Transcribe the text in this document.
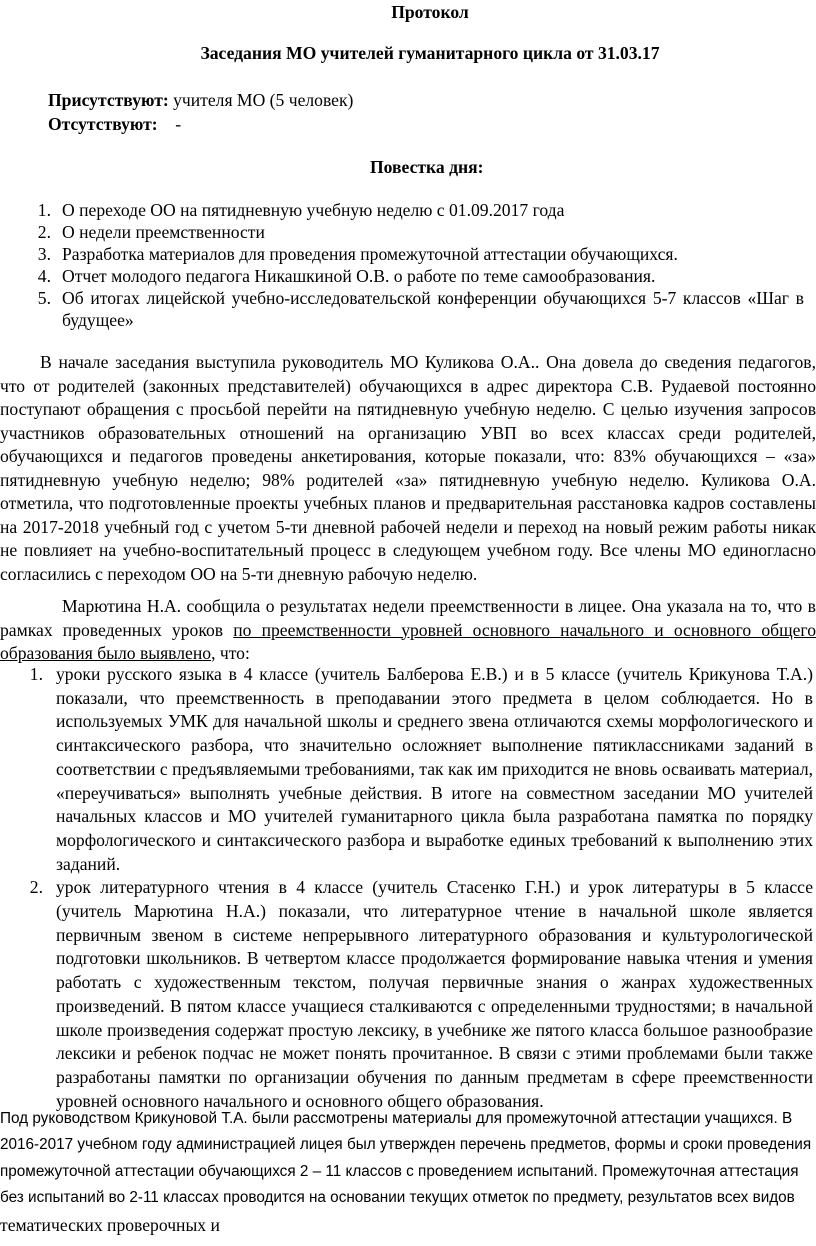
Протокол
Заседания МО учителей гуманитарного цикла от 31.03.17
Присутствуют: учителя МО (5 человек)
Отсутствуют:    -
Повестка дня:
1. О переходе ОО на пятидневную учебную неделю с 01.09.2017 года
2. О недели преемственности
3. Разработка материалов для проведения промежуточной аттестации обучающихся.
4. Отчет молодого педагога Никашкиной О.В. о работе по теме самообразования.
5. Об итогах лицейской учебно-исследовательской конференции обучающихся 5-7 классов «Шаг в будущее»

В начале заседания выступила руководитель МО Куликова О.А.. Она довела до сведения педагогов, что от родителей (законных представителей) обучающихся в адрес директора С.В. Рудаевой постоянно поступают обращения с просьбой перейти на пятидневную учебную неделю. С целью изучения запросов участников образовательных отношений на организацию УВП во всех классах среди родителей, обучающихся и педагогов проведены анкетирования, которые показали, что: 83% обучающихся – «за» пятидневную учебную неделю; 98% родителей «за» пятидневную учебную неделю. Куликова О.А. отметила, что подготовленные проекты учебных планов и предварительная расстановка кадров составлены на 2017-2018 учебный год с учетом 5-ти дневной рабочей недели и переход на новый режим работы никак не повлияет на учебно-воспитательный процесс в следующем учебном году. Все члены МО единогласно согласились с переходом ОО на 5-ти дневную рабочую неделю.

Марютина Н.А. сообщила о результатах недели преемственности в лицее. Она указала на то, что в рамках проведенных уроков по преемственности уровней основного начального и основного общего образования было выявлено, что:

1. уроки русского языка в 4 классе (учитель Балберова Е.В.) и в 5 классе (учитель Крикунова Т.А.) показали, что преемственность в преподавании этого предмета в целом соблюдается. Но в используемых УМК для начальной школы и среднего звена отличаются схемы морфологического и синтаксического разбора, что значительно осложняет выполнение пятиклассниками заданий в соответствии с предъявляемыми требованиями, так как им приходится не вновь осваивать материал, «переучиваться» выполнять учебные действия. В итоге на совместном заседании МО учителей начальных классов и МО учителей гуманитарного цикла была разработана памятка по порядку морфологического и синтаксического разбора и выработке единых требований к выполнению этих заданий.
2. урок литературного чтения в 4 классе (учитель Стасенко Г.Н.) и урок литературы в 5 классе (учитель Марютина Н.А.) показали, что литературное чтение в начальной школе является первичным звеном в системе непрерывного литературного образования и культурологической подготовки школьников. В четвертом классе продолжается формирование навыка чтения и умения работать с художественным текстом, получая первичные знания о жанрах художественных произведений. В пятом классе учащиеся сталкиваются с определенными трудностями; в начальной школе произведения содержат простую лексику, в учебнике же пятого класса большое разнообразие лексики и ребенок подчас не может понять прочитанное. В связи с этими проблемами были также разработаны памятки по организации обучения по данным предметам в сфере преемственности уровней основного начального и основного общего образования.

Под руководством Крикуновой Т.А. были рассмотрены материалы для промежуточной аттестации учащихся. В 2016-2017 учебном году администрацией лицея был утвержден перечень предметов, формы и сроки проведения промежуточной аттестации обучающихся 2 – 11 классов с проведением испытаний. Промежуточная аттестация без испытаний во 2-11 классах проводится на основании текущих отметок по предмету, результатов всех видов тематических проверочных и
